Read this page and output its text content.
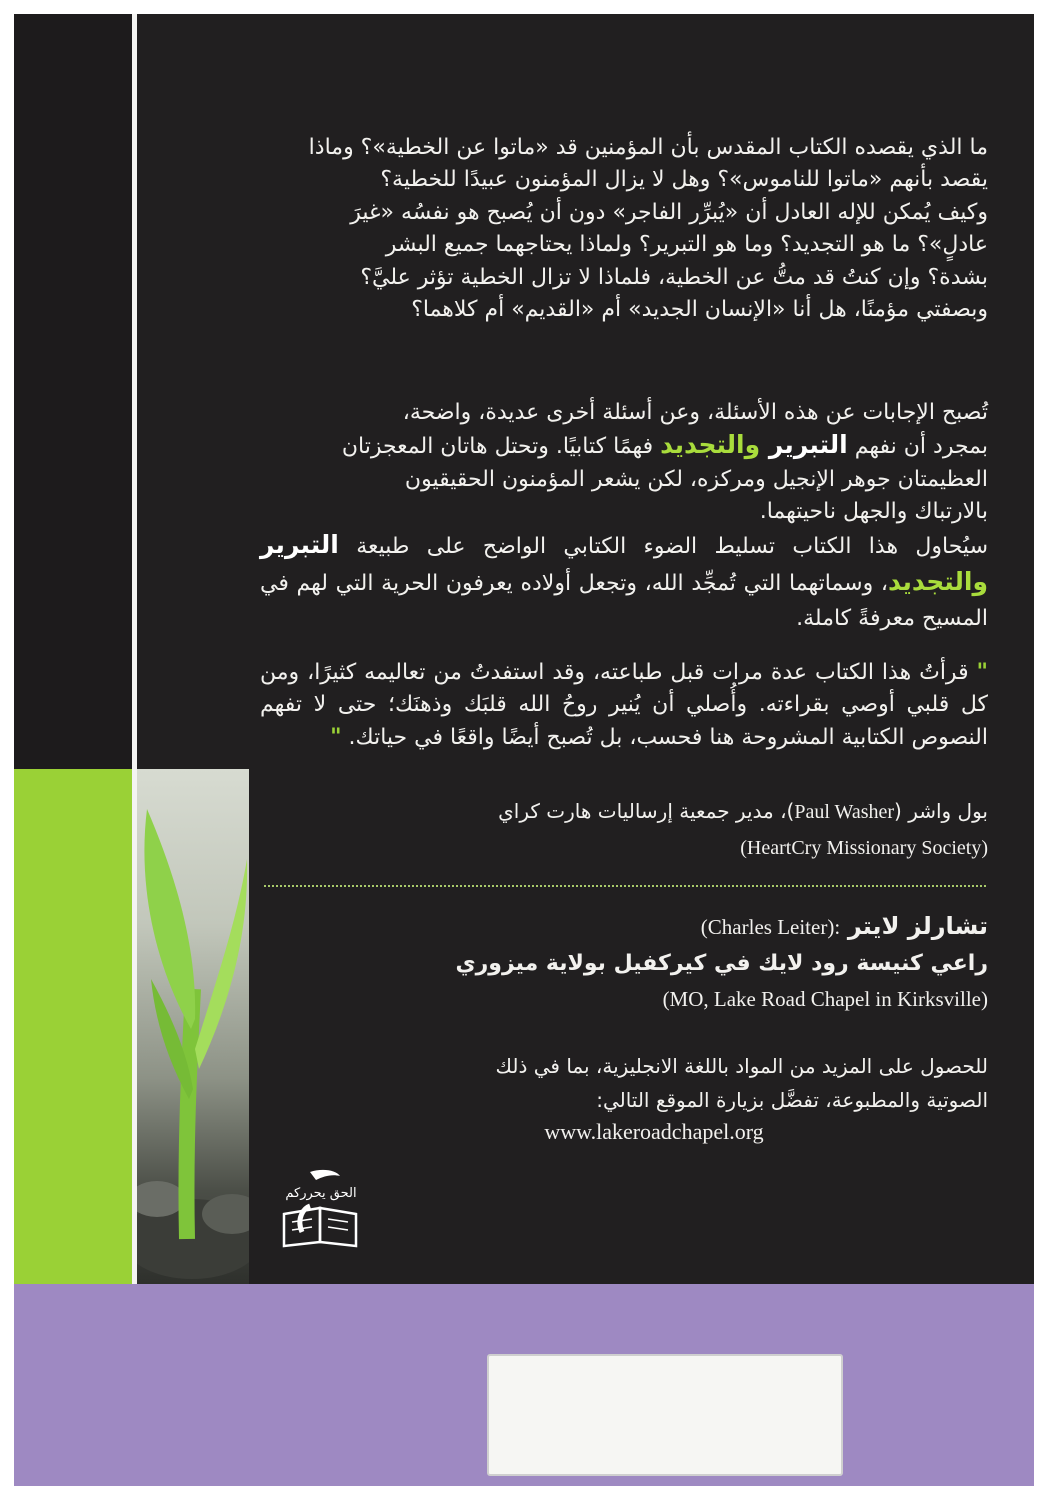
ما الذي يقصده الكتاب المقدس بأن المؤمنين قد «ماتوا عن الخطية»؟ وماذا
يقصد بأنهم «ماتوا للناموس»؟ وهل لا يزال المؤمنون عبيدًا للخطية؟
وكيف يُمكن للإله العادل أن «يُبرِّر الفاجر» دون أن يُصبح هو نفسُه «غيرَ
عادلٍ»؟ ما هو التجديد؟ وما هو التبرير؟ ولماذا يحتاجهما جميع البشر
بشدة؟ وإن كنتُ قد متُّ عن الخطية، فلماذا لا تزال الخطية تؤثر عليَّ؟
وبصفتي مؤمنًا، هل أنا «الإنسان الجديد» أم «القديم» أم كلاهما؟
تُصبح الإجابات عن هذه الأسئلة، وعن أسئلة أخرى عديدة، واضحة،
بمجرد أن نفهم التبرير والتجديد فهمًا كتابيًا. وتحتل هاتان المعجزتان
العظيمتان جوهر الإنجيل ومركزه، لكن يشعر المؤمنون الحقيقيون
بالارتباك والجهل ناحيتهما.
سيُحاول هذا الكتاب تسليط الضوء الكتابي الواضح على طبيعة التبرير والتجديد، وسماتهما التي تُمجِّد الله، وتجعل أولاده يعرفون الحرية التي لهم في المسيح معرفةً كاملة.
" قرأتُ هذا الكتاب عدة مرات قبل طباعته، وقد استفدتُ من تعاليمه كثيرًا، ومن كل قلبي أوصي بقراءته. وأُصلي أن يُنير روحُ الله قلبَك وذهنَك؛ حتى لا تفهم النصوص الكتابية المشروحة هنا فحسب، بل تُصبح أيضًا واقعًا في حياتك. "
بول واشر (Paul Washer)، مدير جمعية إرساليات هارت كراي
(HeartCry Missionary Society)
تشارلز لايتر (Charles Leiter):
راعي كنيسة رود لايك في كيركفيل بولاية ميزوري
(MO, Lake Road Chapel in Kirksville)
للحصول على المزيد من المواد باللغة الانجليزية، بما في ذلك
الصوتية والمطبوعة، تفضَّل بزيارة الموقع التالي:
www.lakeroadchapel.org
الحق يحرركم
